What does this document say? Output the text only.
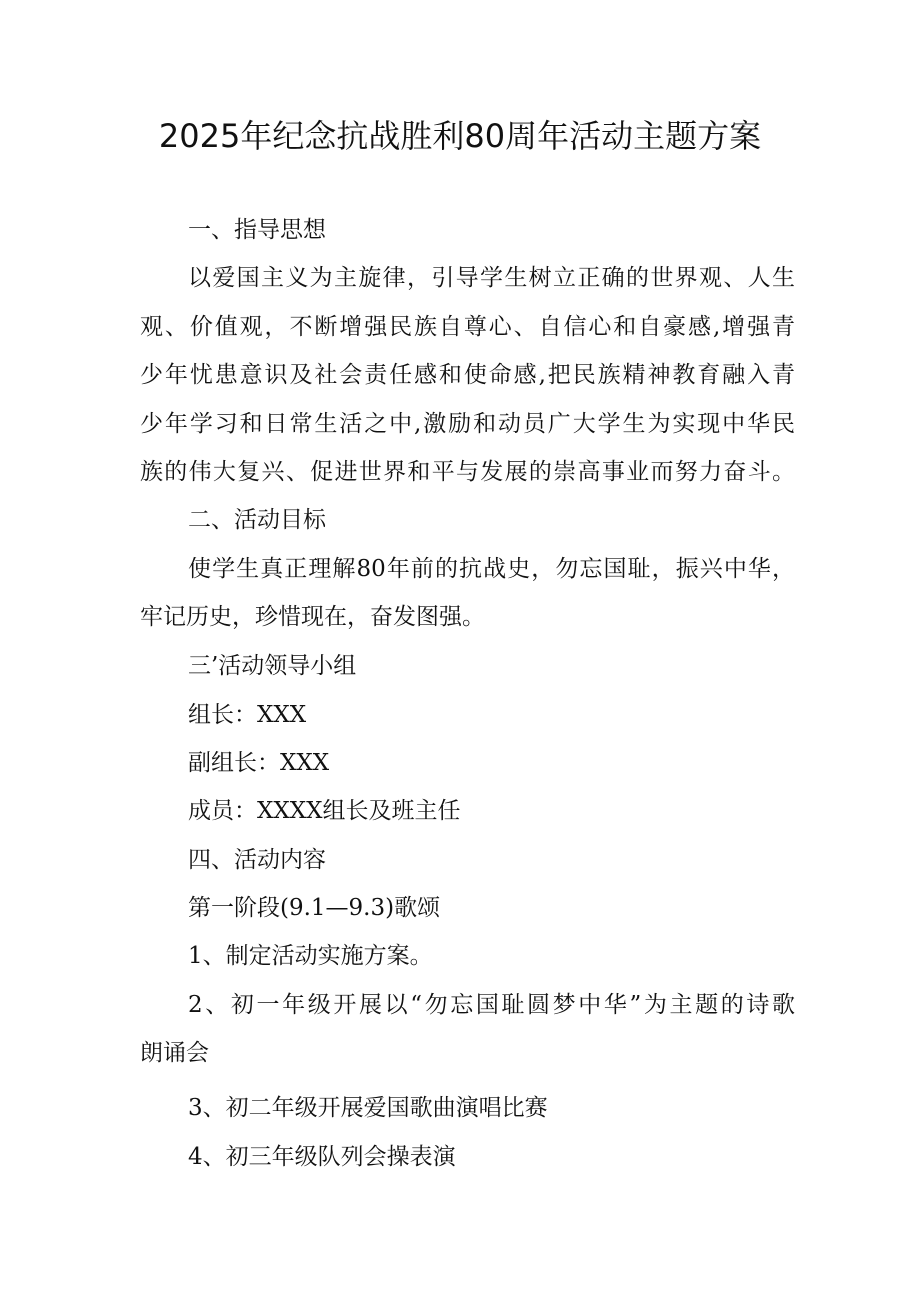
2025年纪念抗战胜利80周年活动主题方案

一、指导思想

以爱国主义为主旋律，引导学生树立正确的世界观、人生

观、价值观，不断增强民族自尊心、自信心和自豪感,增强青

少年忧患意识及社会责任感和使命感,把民族精神教育融入青

少年学习和日常生活之中,激励和动员广大学生为实现中华民

族的伟大复兴、促进世界和平与发展的崇高事业而努力奋斗。

二、活动目标

使学生真正理解80年前的抗战史，勿忘国耻，振兴中华，

牢记历史，珍惜现在，奋发图强。

三’活动领导小组

组长：XXX

副组长：XXX

成员：XXXX组长及班主任

四、活动内容

第一阶段(9.1—9.3)歌颂

1、制定活动实施方案。

2、初一年级开展以“勿忘国耻圆梦中华”为主题的诗歌

朗诵会

3、初二年级开展爱国歌曲演唱比赛

4、初三年级队列会操表演
